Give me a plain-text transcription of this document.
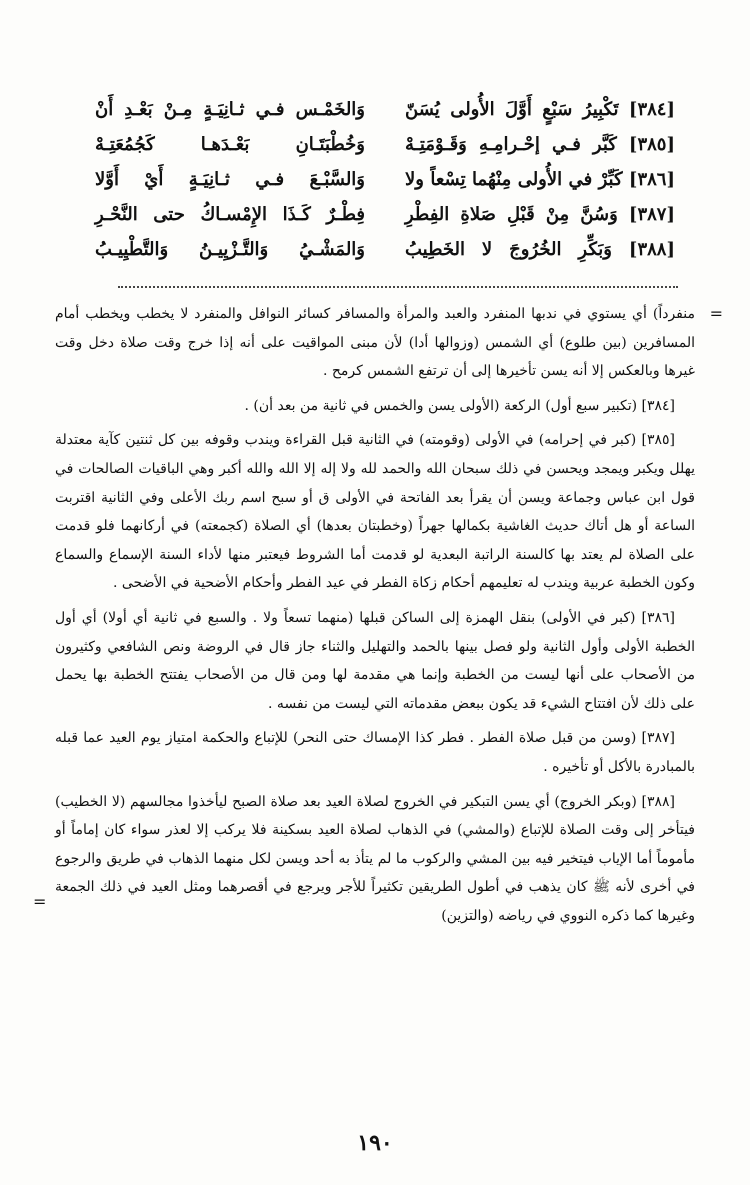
[٣٨٤] تَكْبِيرُ سَبْعٍ أَوَّلَ الأُولى يُسَنّ
وَالخَمْـس فـي ثـانِيَـةٍ مِـنْ بَعْـدِ أَنْ
[٣٨٥] كَبَّر فـي إحْـرامِـهِ وَقَـوْمَتِـهْ
وَخُطْبَتَـانِ بَعْـدَهـا كَجُمُعَتِـهْ
[٣٨٦] كَبِّرْ في الأُولى مِنْهُما تِسْعاً ولا
وَالسَّبْـعَ فـي ثـانِيَـةٍ أَيْ أَوَّلا
[٣٨٧] وَسُنَّ مِنْ قَبْلِ صَلاةِ الفِطْرِ
فِطْـرٌ كَـذَا الإِمْسـاكُ حتى النَّحْـرِ
[٣٨٨] وَبَكِّرِ الخُرُوجَ لا الخَطِيبُ
وَالمَشْـيُ وَالتَّـزْيِيـنُ وَالتَّطْيِيـبُ
=
منفرداً) أي يستوي في ندبها المنفرد والعبد والمرأة والمسافر كسائر النوافل والمنفرد لا يخطب ويخطب أمام المسافرين (بين طلوع) أي الشمس (وزوالها أدا) لأن مبنى المواقيت على أنه إذا خرج وقت صلاة دخل وقت غيرها وبالعكس إلا أنه يسن تأخيرها إلى أن ترتفع الشمس كرمح .
[٣٨٤] (تكبير سبع أول) الركعة (الأولى يسن والخمس في ثانية من بعد أن) .
[٣٨٥] (كبر في إحرامه) في الأولى (وقومته) في الثانية قبل القراءة ويندب وقوفه بين كل ثنتين كآية معتدلة يهلل ويكبر ويمجد ويحسن في ذلك سبحان الله والحمد لله ولا إله إلا الله والله أكبر وهي الباقيات الصالحات في قول ابن عباس وجماعة ويسن أن يقرأ بعد الفاتحة في الأولى ق أو سبح اسم ربك الأعلى وفي الثانية اقتربت الساعة أو هل أتاك حديث الغاشية بكمالها جهراً (وخطبتان بعدها) أي الصلاة (كجمعته) في أركانهما فلو قدمت على الصلاة لم يعتد بها كالسنة الراتبة البعدية لو قدمت أما الشروط فيعتبر منها لأداء السنة الإسماع والسماع وكون الخطبة عربية ويندب له تعليمهم أحكام زكاة الفطر في عيد الفطر وأحكام الأضحية في الأضحى .
[٣٨٦] (كبر في الأولى) بنقل الهمزة إلى الساكن قبلها (منهما تسعاً ولا . والسبع في ثانية أي أولا) أي أول الخطبة الأولى وأول الثانية ولو فصل بينها بالحمد والتهليل والثناء جاز قال في الروضة ونص الشافعي وكثيرون من الأصحاب على أنها ليست من الخطبة وإنما هي مقدمة لها ومن قال من الأصحاب يفتتح الخطبة بها يحمل على ذلك لأن افتتاح الشيء قد يكون ببعض مقدماته التي ليست من نفسه .
[٣٨٧] (وسن من قبل صلاة الفطر . فطر كذا الإمساك حتى النحر) للإتباع والحكمة امتياز يوم العيد عما قبله بالمبادرة بالأكل أو تأخيره .
[٣٨٨] (وبكر الخروج) أي يسن التبكير في الخروج لصلاة العيد بعد صلاة الصبح ليأخذوا مجالسهم (لا الخطيب) فيتأخر إلى وقت الصلاة للإتباع (والمشي) في الذهاب لصلاة العيد بسكينة فلا يركب إلا لعذر سواء كان إماماً أو مأموماً أما الإياب فيتخير فيه بين المشي والركوب ما لم يتأذ به أحد ويسن لكل منهما الذهاب في طريق والرجوع في أخرى لأنه ﷺ كان يذهب في أطول الطريقين تكثيراً للأجر ويرجع في أقصرهما ومثل العيد في ذلك الجمعة وغيرها كما ذكره النووي في رياضه (والتزين)
=
١٩٠
